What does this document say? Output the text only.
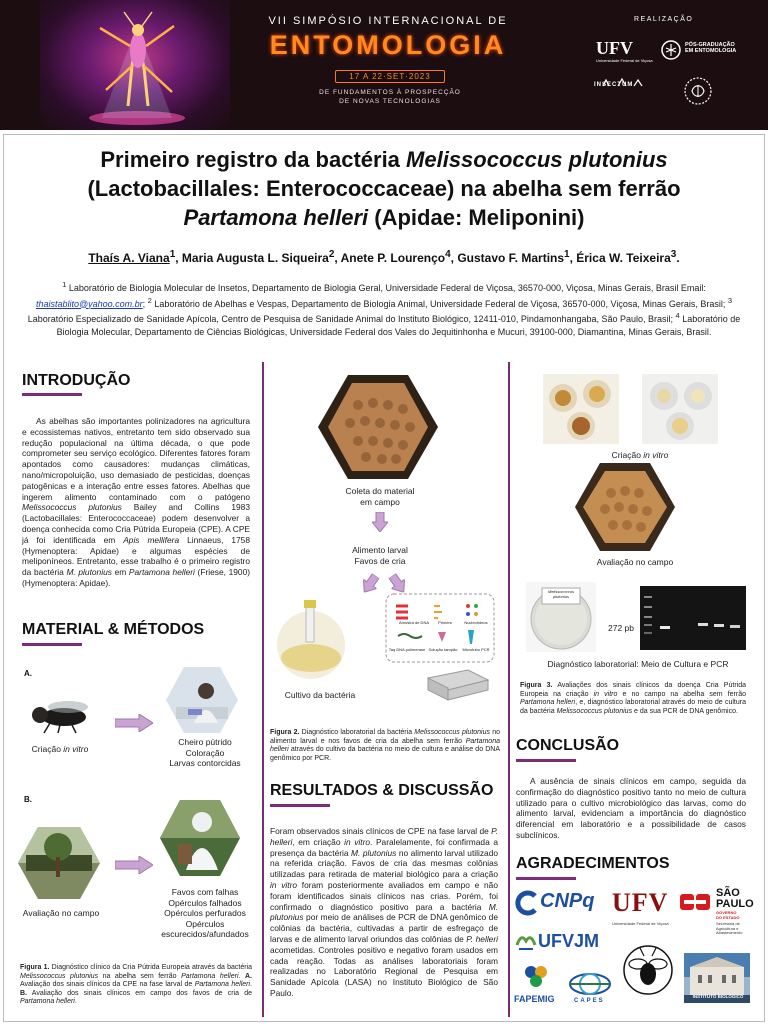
VII SIMPÓSIO INTERNACIONAL DE
ENTOMOLOGIA
17 A 22·SET·2023
DE FUNDAMENTOS À PROSPECÇÃO
DE NOVAS TECNOLOGIAS
REALIZAÇÃO
UFV
Universidade Federal de Viçosa
PÓS-GRADUAÇÃO
EM ENTOMOLOGIA
INSECTUM
Primeiro registro da bactéria Melissococcus plutonius
(Lactobacillales: Enterococcaceae) na abelha sem ferrão
Partamona helleri (Apidae: Meliponini)
Thaís A. Viana$^1$, Maria Augusta L. Siqueira$^2$, Anete P. Lourenço$^4$, Gustavo F. Martins$^1$, Érica W. Teixeira$^3$.
$^1$ Laboratório de Biologia Molecular de Insetos, Departamento de Biologia Geral, Universidade Federal de Viçosa, 36570-000, Viçosa, Minas Gerais, Brasil Email: thaistablito@yahoo.com.br; $^2$ Laboratório de Abelhas e Vespas, Departamento de Biologia Animal, Universidade Federal de Viçosa, 36570-000, Viçosa, Minas Gerais, Brasil; $^3$ Laboratório Especializado de Sanidade Apícola, Centro de Pesquisa de Sanidade Animal do Instituto Biológico, 12411-010, Pindamonhangaba, São Paulo, Brasil; $^4$ Laboratório de Biologia Molecular, Departamento de Ciências Biológicas, Universidade Federal dos Vales do Jequitinhonha e Mucuri, 39100-000, Diamantina, Minas Gerais, Brasil.
INTRODUÇÃO
As abelhas são importantes polinizadores na agricultura e ecossistemas nativos, entretanto tem sido observado sua redução populacional na última década, o que pode comprometer seu serviço ecológico. Diferentes fatores foram apontados como causadores: mudanças climáticas, nano/micropoluição, uso demasiado de pesticidas, doenças patogênicas e a interação entre esses fatores. Abelhas que ingerem alimento contaminado com o patógeno Melissococcus plutonius Bailey and Collins 1983 (Lactobacillales: Enterococcaceae) podem desenvolver a doença conhecida como Cria Pútrida Europeia (CPE). A CPE já foi identificada em Apis mellifera Linnaeus, 1758 (Hymenoptera: Apidae) e algumas espécies de meliponíneos. Entretanto, esse trabalho é o primeiro registro da bactéria M. plutonius em Partamona helleri (Friese, 1900) (Hymenoptera: Apidae).
MATERIAL & MÉTODOS
A.
Criação in vitro
Cheiro pútrido
Coloração
Larvas contorcidas
B.
Avaliação no campo
Favos com falhas
Opérculos falhados
Opérculos perfurados
Opérculos
escurecidos/afundados
Figura 1. Diagnóstico clínico da Cria Pútrida Europeia através da bactéria Melissococcus plutonius na abelha sem ferrão Partamona helleri. A. Avaliação dos sinais clínicos da CPE na fase larval de Partamona helleri. B. Avaliação dos sinais clínicos em campo dos favos de cria de Partamona helleri.
Coleta do material
em campo
Alimento larval
Favos de cria
Cultivo da bactéria
Amostra de DNA	Primers	Nucleotídeos
Taq DNA polimerase Solução tampão	Microtubo PCR
Figura 2. Diagnóstico laboratorial da bactéria Melissococcus plutonius no alimento larval e nos favos de cria da abelha sem ferrão Partamona helleri através do cultivo da bactéria no meio de cultura e análise do DNA genômico por PCR.
RESULTADOS & DISCUSSÃO
Foram observados sinais clínicos de CPE na fase larval de P. helleri, em criação in vitro. Paralelamente, foi confirmada a presença da bactéria M. plutonius no alimento larval utilizado na referida criação. Favos de cria das mesmas colônias utilizadas para retirada de material biológico para a criação in vitro foram posteriormente avaliados em campo e não foram identificados sinais clínicos nas crias. Porém, foi confirmado o diagnóstico positivo para a bactéria M. plutonius por meio de análises de PCR de DNA genômico de colônias da bactéria, cultivadas a partir de esfregaço de larvas e de alimento larval oriundos das colônias de P. helleri acometidas. Controles positivo e negativo foram usados em cada reação. Todas as análises laboratoriais foram realizadas no Laboratório Regional de Pesquisa em Sanidade Apícola (LASA) no Instituto Biológico de São Paulo.
Criação in vitro
Avaliação no campo
Melissococcus
plutonius
272 pb
Diagnóstico laboratorial: Meio de Cultura e PCR
Figura 3. Avaliações dos sinais clínicos da doença Cria Pútrida Europeia na criação in vitro e no campo na abelha sem ferrão Partamona helleri, e, diagnóstico laboratorial através do meio de cultura da bactéria Melissococcus plutonius e da sua PCR de DNA genômico.
CONCLUSÃO
A ausência de sinais clínicos em campo, seguida da confirmação do diagnóstico positivo tanto no meio de cultura utilizado para o cultivo microbiológico das larvas, como do alimento larval, evidenciam a importância do diagnóstico diferencial em laboratório e a possibilidade de casos subclínicos.
AGRADECIMENTOS
CNPq UFV
Universidade Federal de Viçosa
SÃO
PAULO
GOVERNO
DO ESTADO
Secretaria de
Agricultura e
Abastecimento
UFVJM
FAPEMIG	CAPES
INSTITUTO BIOLÓGICO
